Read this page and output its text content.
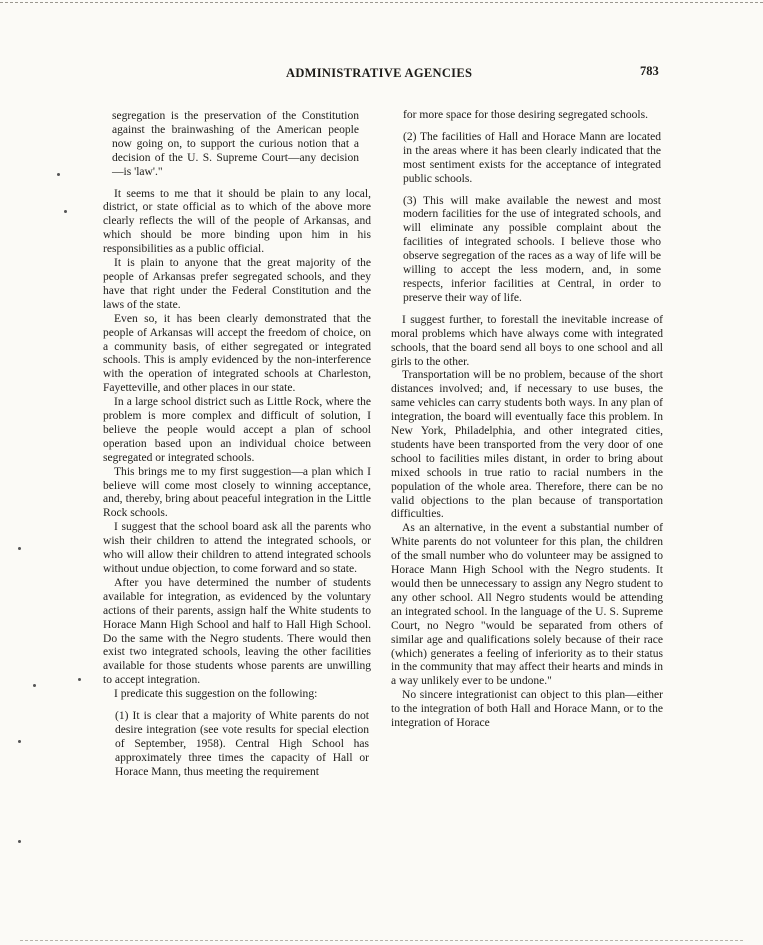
ADMINISTRATIVE AGENCIES	783

segregation is the preservation of the Constitution against the brainwashing of the American people now going on, to support the curious notion that a decision of the U. S. Supreme Court—any decision—is 'law'."

It seems to me that it should be plain to any local, district, or state official as to which of the above more clearly reflects the will of the people of Arkansas, and which should be more binding upon him in his responsibilities as a public official.

It is plain to anyone that the great majority of the people of Arkansas prefer segregated schools, and they have that right under the Federal Constitution and the laws of the state.

Even so, it has been clearly demonstrated that the people of Arkansas will accept the freedom of choice, on a community basis, of either segregated or integrated schools. This is amply evidenced by the non-interference with the operation of integrated schools at Charleston, Fayetteville, and other places in our state.

In a large school district such as Little Rock, where the problem is more complex and difficult of solution, I believe the people would accept a plan of school operation based upon an individual choice between segregated or integrated schools.

This brings me to my first suggestion—a plan which I believe will come most closely to winning acceptance, and, thereby, bring about peaceful integration in the Little Rock schools.

I suggest that the school board ask all the parents who wish their children to attend the integrated schools, or who will allow their children to attend integrated schools without undue objection, to come forward and so state.

After you have determined the number of students available for integration, as evidenced by the voluntary actions of their parents, assign half the White students to Horace Mann High School and half to Hall High School. Do the same with the Negro students. There would then exist two integrated schools, leaving the other facilities available for those students whose parents are unwilling to accept integration.

I predicate this suggestion on the following:

(1) It is clear that a majority of White parents do not desire integration (see vote results for special election of September, 1958). Central High School has approximately three times the capacity of Hall or Horace Mann, thus meeting the requirement

for more space for those desiring segregated schools.

(2) The facilities of Hall and Horace Mann are located in the areas where it has been clearly indicated that the most sentiment exists for the acceptance of integrated public schools.

(3) This will make available the newest and most modern facilities for the use of integrated schools, and will eliminate any possible complaint about the facilities of integrated schools. I believe those who observe segregation of the races as a way of life will be willing to accept the less modern, and, in some respects, inferior facilities at Central, in order to preserve their way of life.

I suggest further, to forestall the inevitable increase of moral problems which have always come with integrated schools, that the board send all boys to one school and all girls to the other.

Transportation will be no problem, because of the short distances involved; and, if necessary to use buses, the same vehicles can carry students both ways. In any plan of integration, the board will eventually face this problem. In New York, Philadelphia, and other integrated cities, students have been transported from the very door of one school to facilities miles distant, in order to bring about mixed schools in true ratio to racial numbers in the population of the whole area. Therefore, there can be no valid objections to the plan because of transportation difficulties.

As an alternative, in the event a substantial number of White parents do not volunteer for this plan, the children of the small number who do volunteer may be assigned to Horace Mann High School with the Negro students. It would then be unnecessary to assign any Negro student to any other school. All Negro students would be attending an integrated school. In the language of the U. S. Supreme Court, no Negro "would be separated from others of similar age and qualifications solely because of their race (which) generates a feeling of inferiority as to their status in the community that may affect their hearts and minds in a way unlikely ever to be undone."

No sincere integrationist can object to this plan—either to the integration of both Hall and Horace Mann, or to the integration of Horace
